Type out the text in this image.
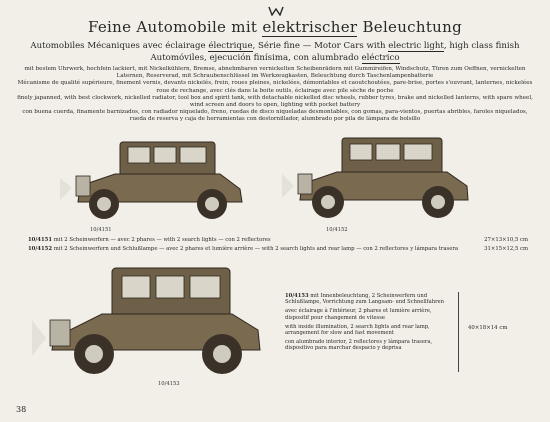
Feine Automobile mit elektrischer Beleuchtung
Automobiles Mécaniques avec éclairage électrique, Série fine — Motor Cars with electric light, high class finish
Automóviles, ejecución finísima, con alumbrado eléctrico
mit bestem Uhrwerk, hochfein lackiert, mit Nickelkühlern, Bremse, abnehmbaren vernickelten Scheibenrädern mit Gummireifen, Windschutz, Türen zum Oeffnen, vernickelten Laternen, Reserverad, mit Schraubenschlüssel im Werkzeugkasten, Beleuchtung durch Taschenlampenbatterie
Mécanisme de qualité supérieure, finement vernis, devants nickelés, frein, roues pleines, nickelées, démontables et caoutchoutées, pare-brise, portes s'ouvrant, lanternes, nickelées roue de rechange, avec clés dans la boite outils, éclairage avec pile sèche de poche
finely japanned, with best clockwork, nickelled radiator, tool box and spirit tank, with detachable nickelled disc wheels, rubber tyres, brake and nickelled lanterns, with spare wheel, wind screen and doors to open, lighting with pocket battery
con buena cuerda, finamente barnizados, con radiador niquelado, freno, ruedas de disco niqueladas desmontables, con gomas, para-vientos, puertas abribles, faroles niquelados, rueda de reserva y caja de herramientas con destornillador, alumbrado por pila de lámpara de bolsillo
10/4151	10/4152
10/4151 mit 2 Scheinwerfern — avec 2 phares — with 2 search lights — con 2 reflectores	27×13×10,5 cm
10/4152 mit 2 Scheinwerfern und Schlußlampe — avec 2 phares et lumière arrière — with 2 search lights and rear lamp — con 2 reflectores y lámpara trasera	31×15×12,5 cm
10/4153
10/4153 mit Innenbeleuchtung, 2 Scheinwerfern und Schlußlampe, Vorrichtung zum Langsam- und Schnellfahren
avec éclairage à l'intérieur, 2 phares et lumière arrière, dispositif pour changement de vitesse
with inside illumination, 2 search lights and rear lamp, arrangement for slow and fast movement
con alumbrado interior, 2 reflectores y lámpara trasera, dispositivo para marchar despacio y deprisa
40×18×14 cm
38
